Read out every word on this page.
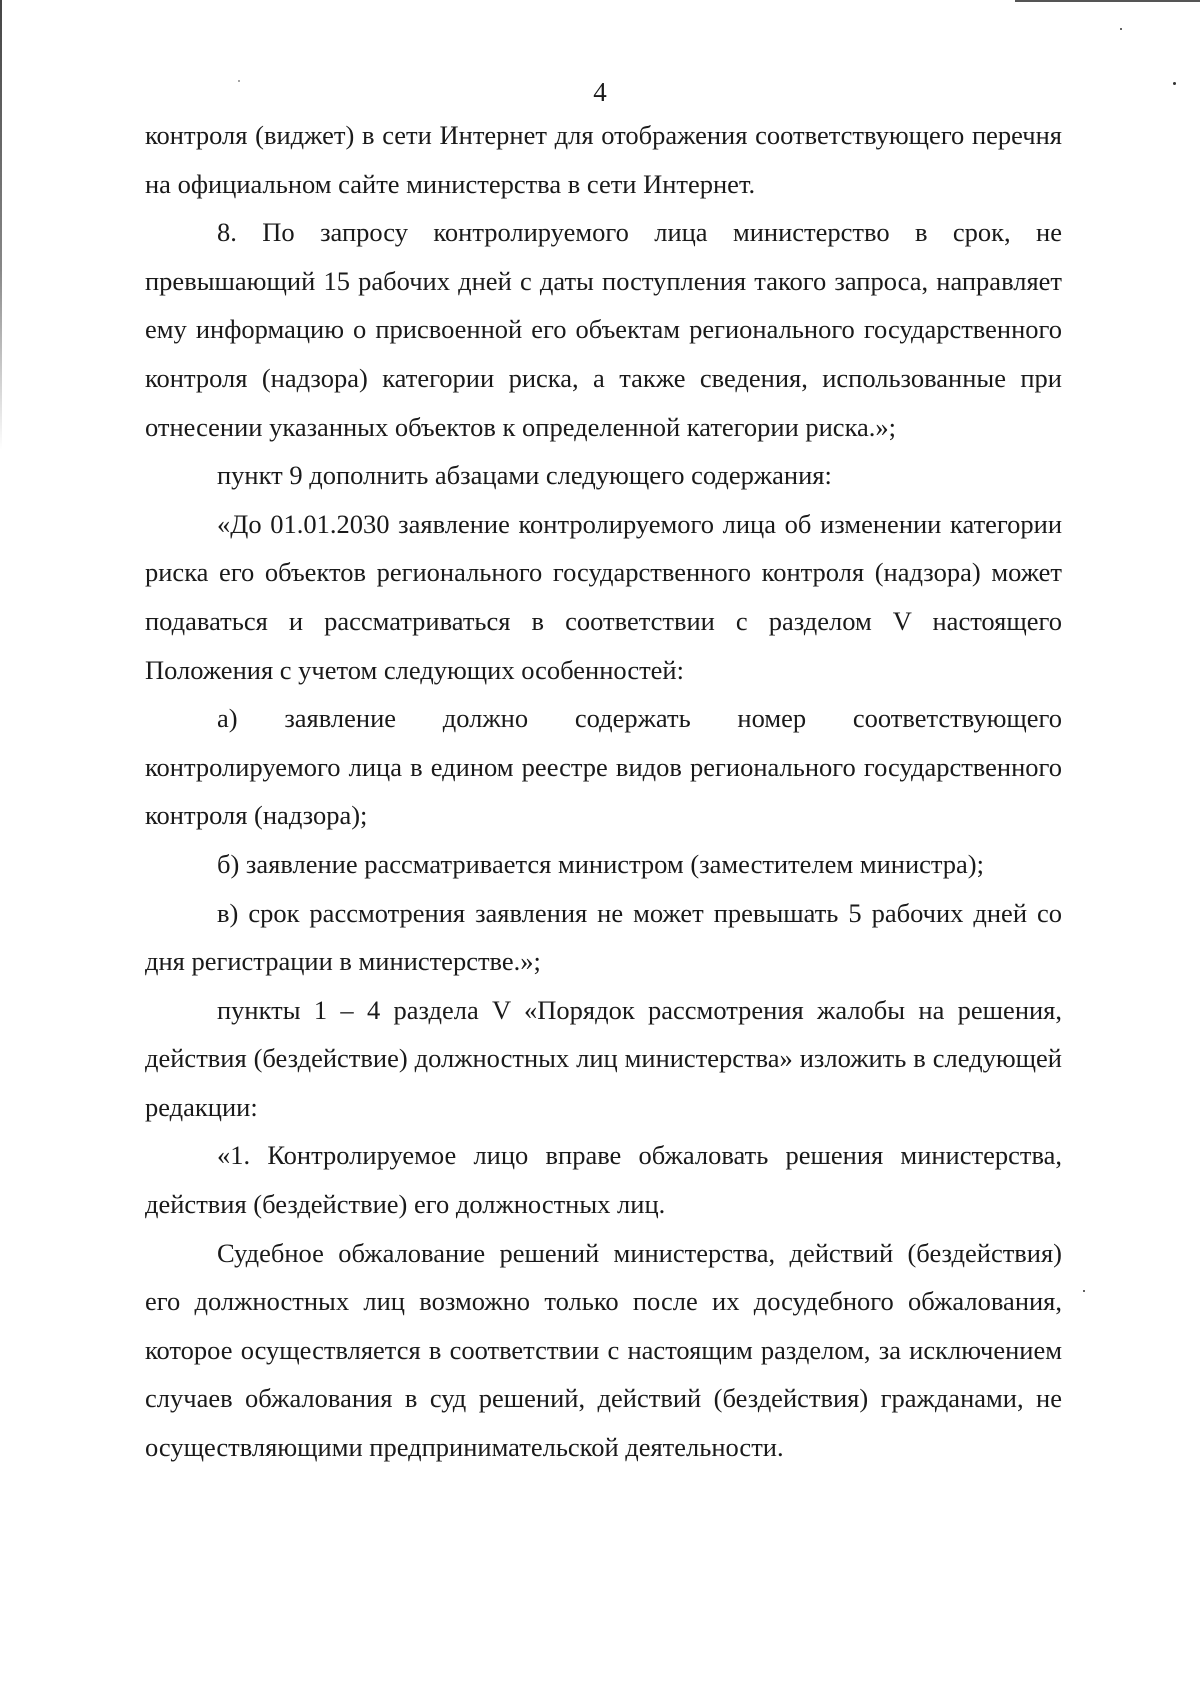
4

контроля (виджет) в сети Интернет для отображения соответствующего перечня на официальном сайте министерства в сети Интернет.

8. По запросу контролируемого лица министерство в срок, не превышающий 15 рабочих дней с даты поступления такого запроса, направляет ему информацию о присвоенной его объектам регионального государственного контроля (надзора) категории риска, а также сведения, использованные при отнесении указанных объектов к определенной категории риска.»;

пункт 9 дополнить абзацами следующего содержания:

«До 01.01.2030 заявление контролируемого лица об изменении категории риска его объектов регионального государственного контроля (надзора) может подаваться и рассматриваться в соответствии с разделом V настоящего Положения с учетом следующих особенностей:

а) заявление должно содержать номер соответствующего контролируемого лица в едином реестре видов регионального государственного контроля (надзора);

б) заявление рассматривается министром (заместителем министра);

в) срок рассмотрения заявления не может превышать 5 рабочих дней со дня регистрации в министерстве.»;

пункты 1 – 4 раздела V «Порядок рассмотрения жалобы на решения, действия (бездействие) должностных лиц министерства» изложить в следующей редакции:

«1. Контролируемое лицо вправе обжаловать решения министерства, действия (бездействие) его должностных лиц.

Судебное обжалование решений министерства, действий (бездействия) его должностных лиц возможно только после их досудебного обжалования, которое осуществляется в соответствии с настоящим разделом, за исключением случаев обжалования в суд решений, действий (бездействия) гражданами, не осуществляющими предпринимательской деятельности.
